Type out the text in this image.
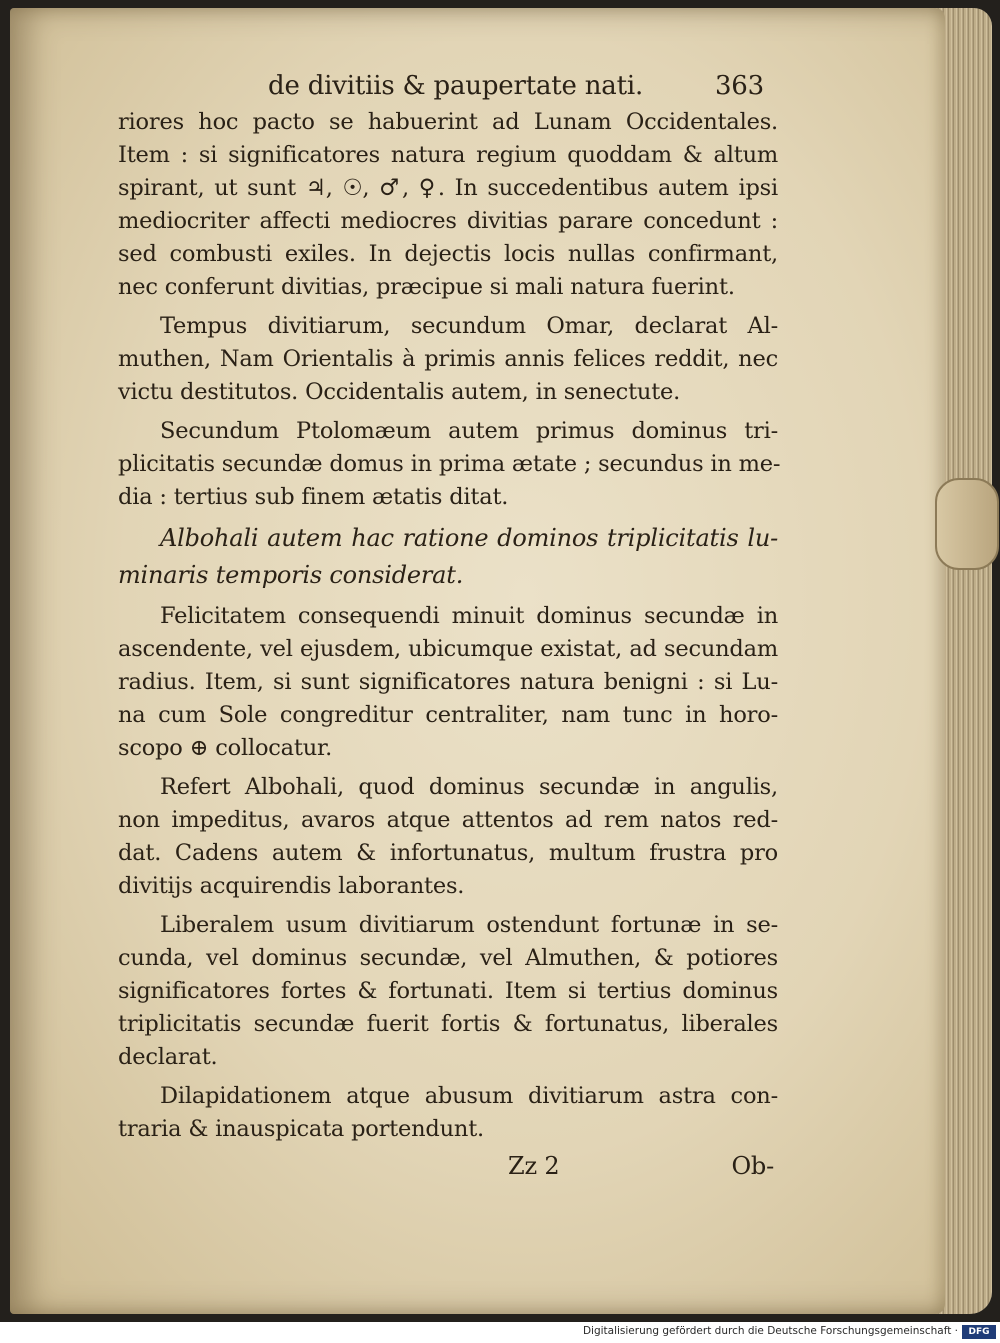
de divitiis & paupertate nati.	363
riores hoc pacto se habuerint ad Lunam Occidentales.
Item : si significatores natura regium quoddam & altum
spirant, ut sunt ♃, ☉, ♂, ♀. In succedentibus autem ipsi
mediocriter affecti mediocres divitias parare concedunt :
sed combusti exiles. In dejectis locis nullas confirmant,
nec conferunt divitias, præcipue si mali natura fuerint.
Tempus divitiarum, secundum Omar, declarat Al-
muthen, Nam Orientalis à primis annis felices reddit, nec
victu destitutos. Occidentalis autem, in senectute.
Secundum Ptolomæum autem primus dominus tri-
plicitatis secundæ domus in prima ætate ; secundus in me-
dia : tertius sub finem ætatis ditat.
Albohali autem hac ratione dominos triplicitatis lu-
minaris temporis considerat.
Felicitatem consequendi minuit dominus secundæ in
ascendente, vel ejusdem, ubicumque existat, ad secundam
radius. Item, si sunt significatores natura benigni : si Lu-
na cum Sole congreditur centraliter, nam tunc in horo-
scopo ⊕ collocatur.
Refert Albohali, quod dominus secundæ in angulis,
non impeditus, avaros atque attentos ad rem natos red-
dat. Cadens autem & infortunatus, multum frustra pro
divitijs acquirendis laborantes.
Liberalem usum divitiarum ostendunt fortunæ in se-
cunda, vel dominus secundæ, vel Almuthen, & potiores
significatores fortes & fortunati. Item si tertius dominus
triplicitatis secundæ fuerit fortis & fortunatus, liberales
declarat.
Dilapidationem atque abusum divitiarum astra con-
traria & inauspicata portendunt.
Zz 2	Ob-
Digitalisierung gefördert durch die Deutsche Forschungsgemeinschaft ·	DFG
